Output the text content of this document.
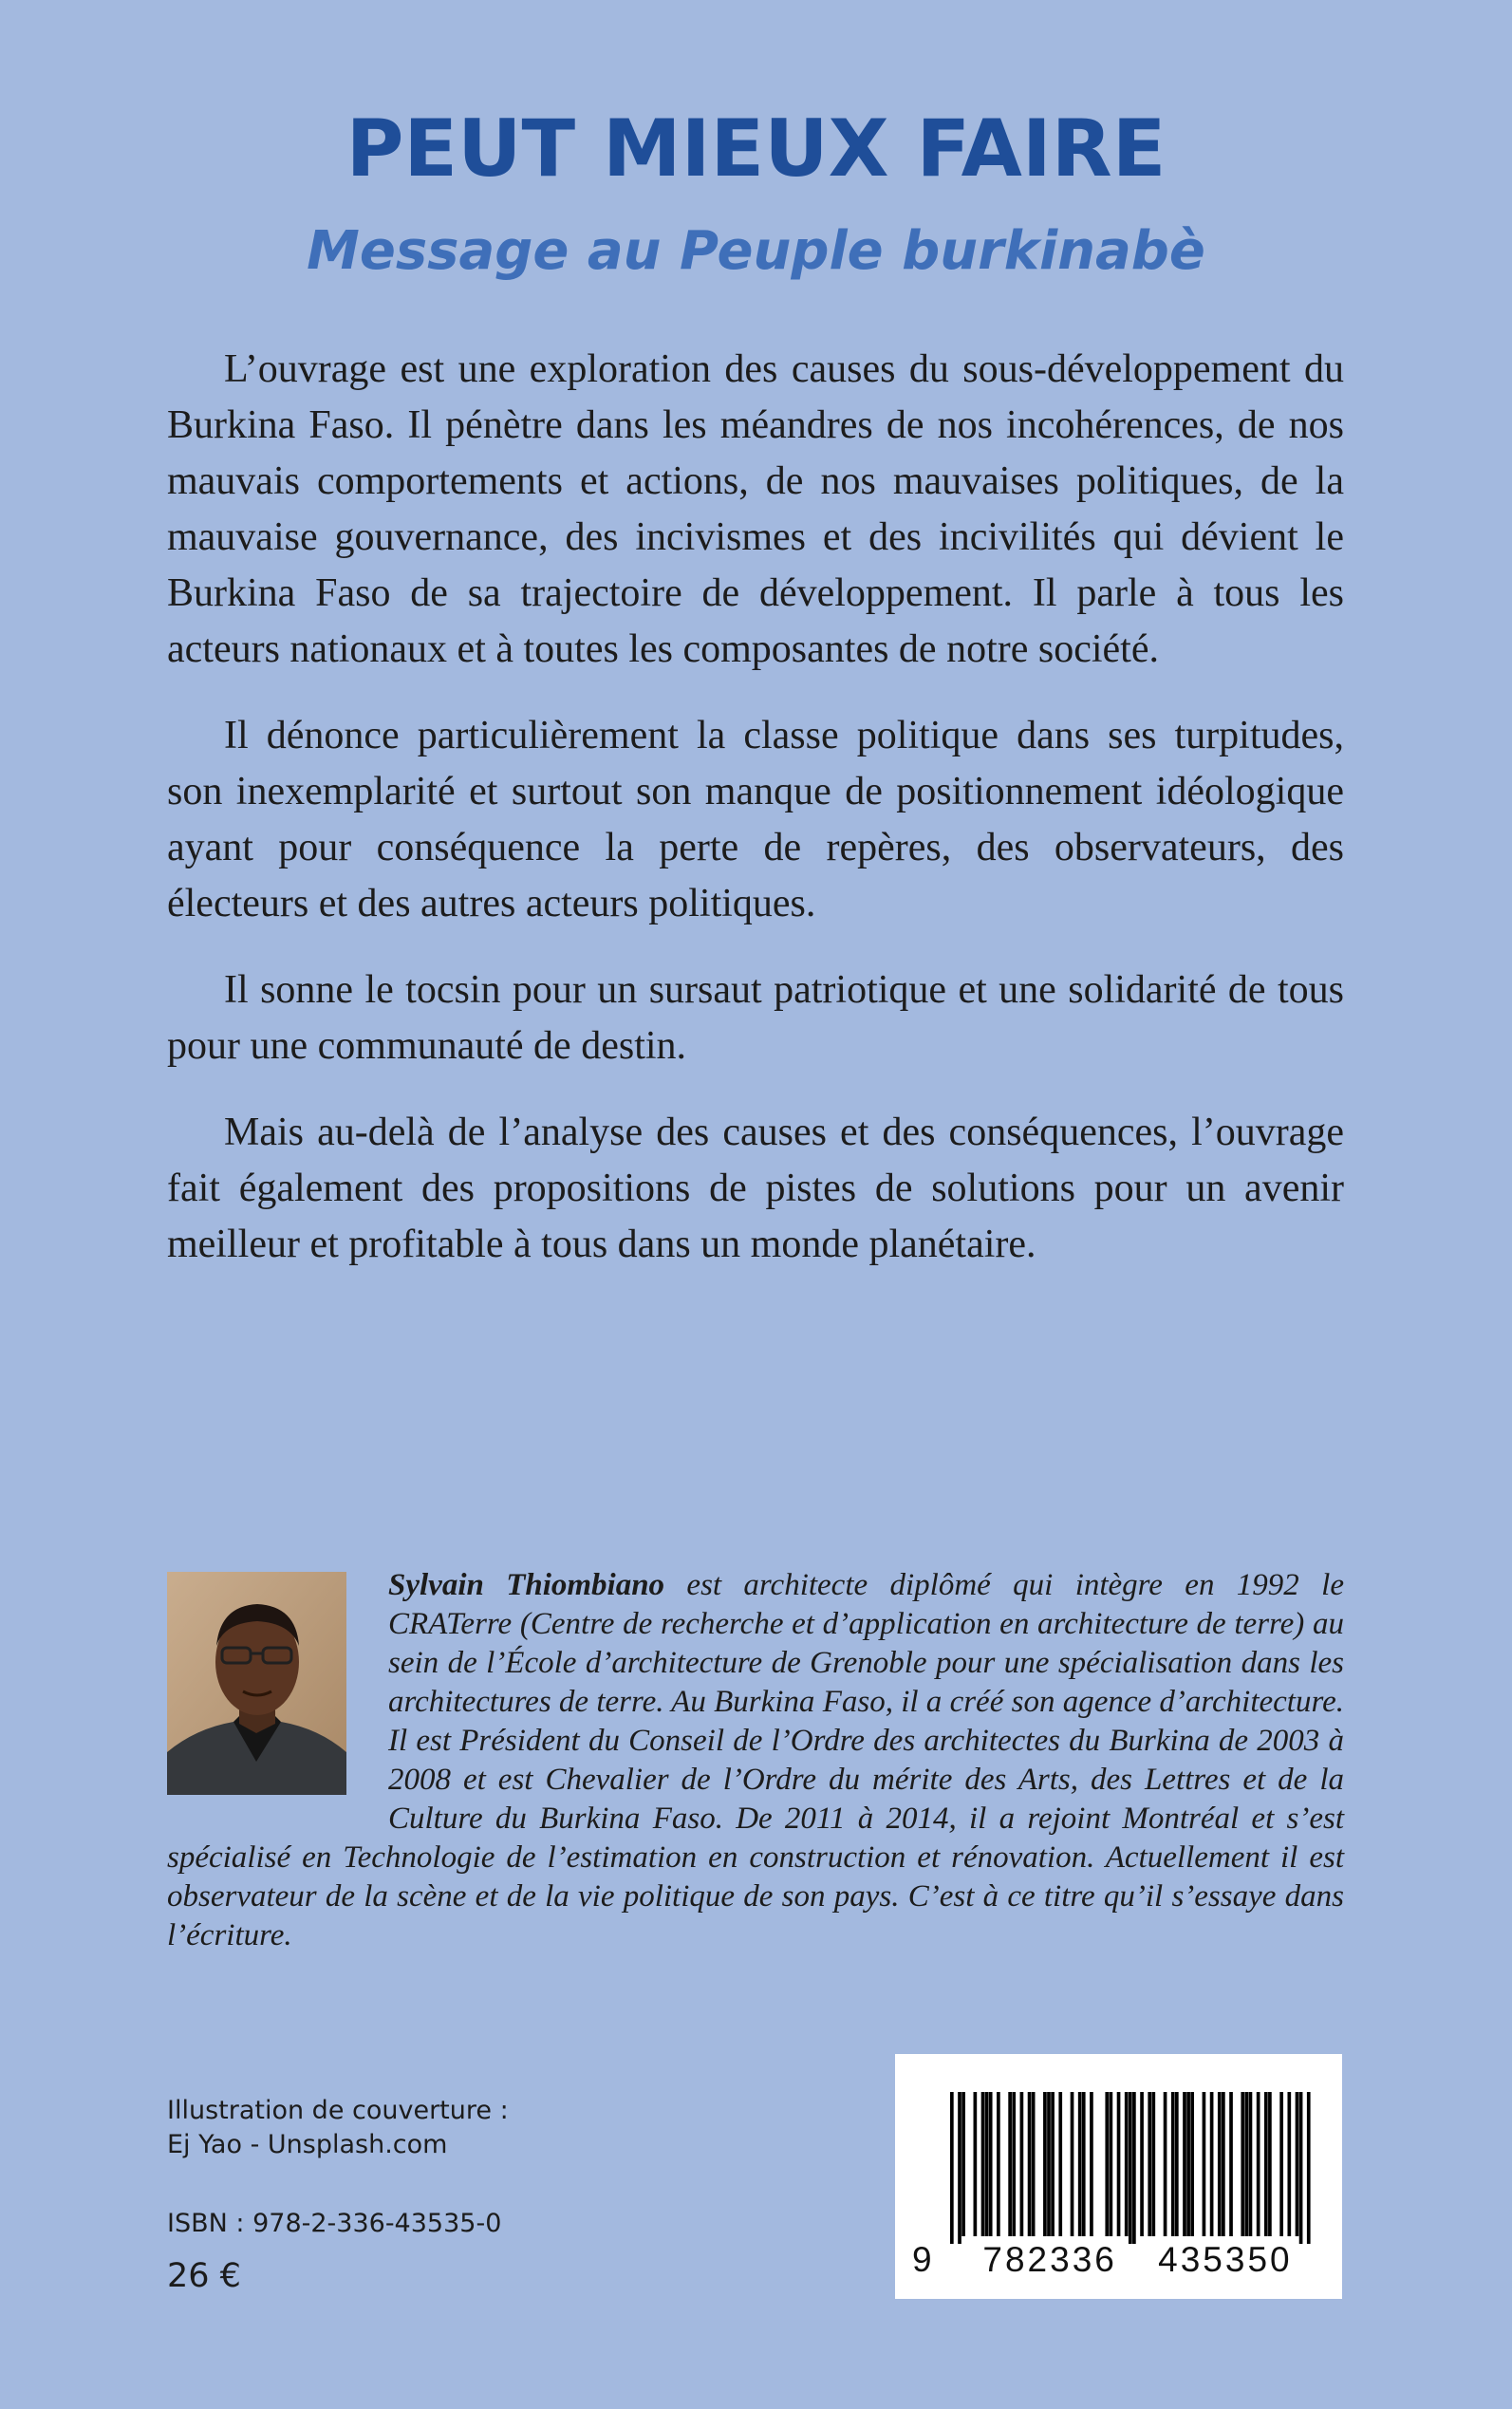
PEUT MIEUX FAIRE
Message au Peuple burkinabè

L’ouvrage est une exploration des causes du sous-développement du Burkina Faso. Il pénètre dans les méandres de nos incohérences, de nos mauvais comportements et actions, de nos mauvaises politiques, de la mauvaise gouvernance, des incivismes et des incivilités qui dévient le Burkina Faso de sa trajectoire de développement. Il parle à tous les acteurs nationaux et à toutes les composantes de notre société.

Il dénonce particulièrement la classe politique dans ses turpitudes, son inexemplarité et surtout son manque de positionnement idéologique ayant pour conséquence la perte de repères, des observateurs, des électeurs et des autres acteurs politiques.

Il sonne le tocsin pour un sursaut patriotique et une solidarité de tous pour une communauté de destin.

Mais au-delà de l’analyse des causes et des conséquences, l’ouvrage fait également des propositions de pistes de solutions pour un avenir meilleur et profitable à tous dans un monde planétaire.

Sylvain Thiombiano est architecte diplômé qui intègre en 1992 le CRATerre (Centre de recherche et d’application en architecture de terre) au sein de l’École d’architecture de Grenoble pour une spécialisation dans les architectures de terre. Au Burkina Faso, il a créé son agence d’architecture. Il est Président du Conseil de l’Ordre des architectes du Burkina de 2003 à 2008 et est Chevalier de l’Ordre du mérite des Arts, des Lettres et de la Culture du Burkina Faso. De 2011 à 2014, il a rejoint Montréal et s’est spécialisé en Technologie de l’estimation en construction et rénovation. Actuellement il est observateur de la scène et de la vie politique de son pays. C’est à ce titre qu’il s’essaye dans l’écriture.
Illustration de couverture :
Ej Yao - Unsplash.com
ISBN : 978-2-336-43535-0
26 €	9 782336 435350
